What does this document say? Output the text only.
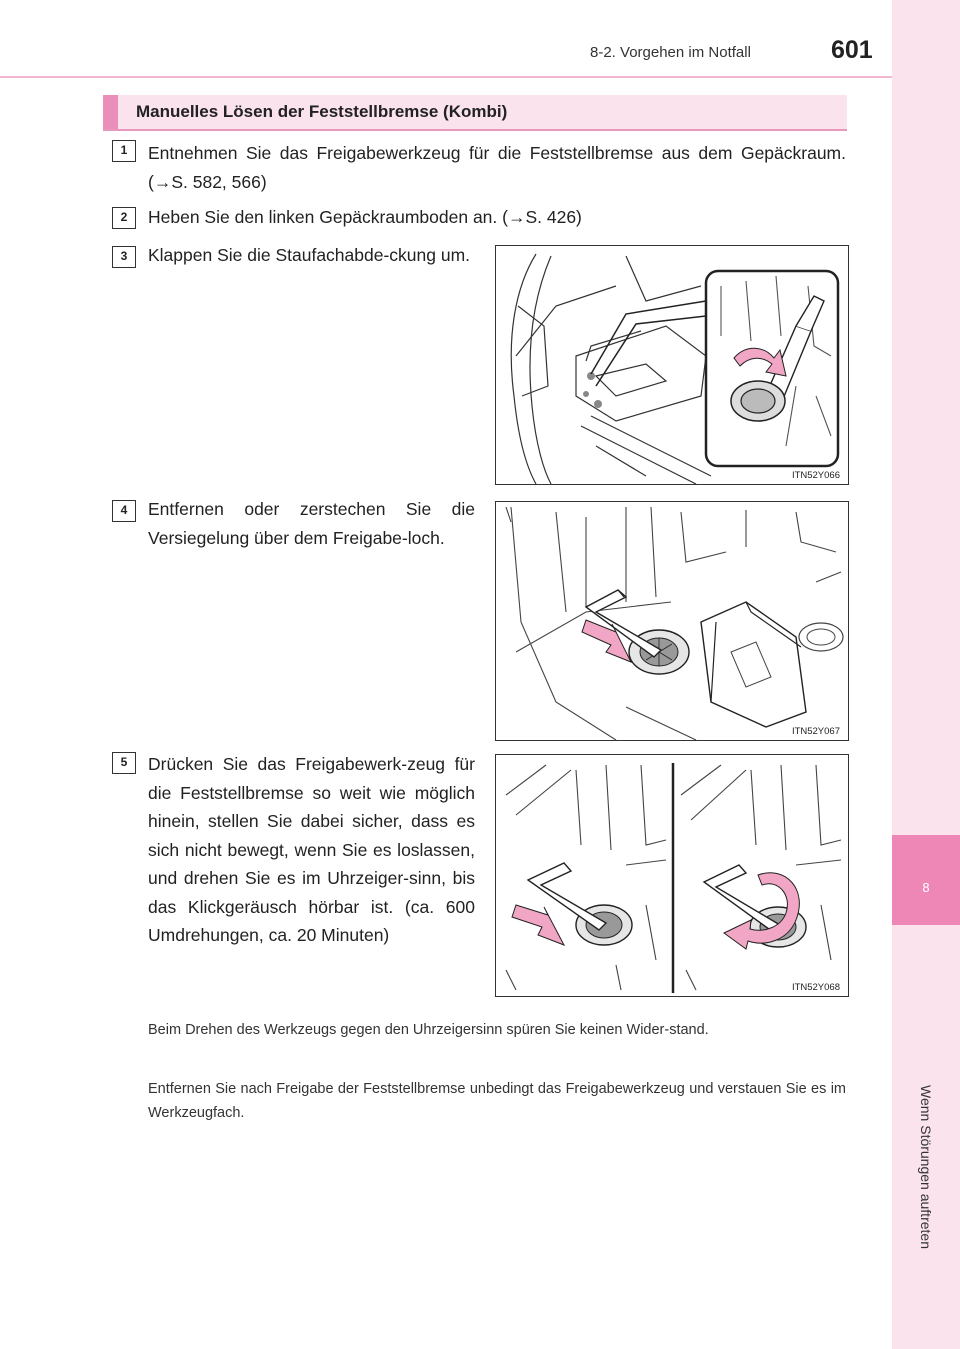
8
Wenn Störungen auftreten
8-2. Vorgehen im Notfall	601
Manuelles Lösen der Feststellbremse (Kombi)
1	Entnehmen Sie das Freigabewerkzeug für die Feststellbremse aus dem Gepäckraum. (→S. 582, 566)
2	Heben Sie den linken Gepäckraumboden an. (→S. 426)
3	Klappen Sie die Staufachabde-ckung um.
ITN52Y066
4	Entfernen oder zerstechen Sie die Versiegelung über dem Freigabe-loch.
ITN52Y067
5	Drücken Sie das Freigabewerk-zeug für die Feststellbremse so weit wie möglich hinein, stellen Sie dabei sicher, dass es sich nicht bewegt, wenn Sie es loslassen, und drehen Sie es im Uhrzeiger-sinn, bis das Klickgeräusch hörbar ist. (ca. 600 Umdrehungen, ca. 20 Minuten)
ITN52Y068
Beim Drehen des Werkzeugs gegen den Uhrzeigersinn spüren Sie keinen Wider-stand.
Entfernen Sie nach Freigabe der Feststellbremse unbedingt das Freigabewerkzeug und verstauen Sie es im Werkzeugfach.
